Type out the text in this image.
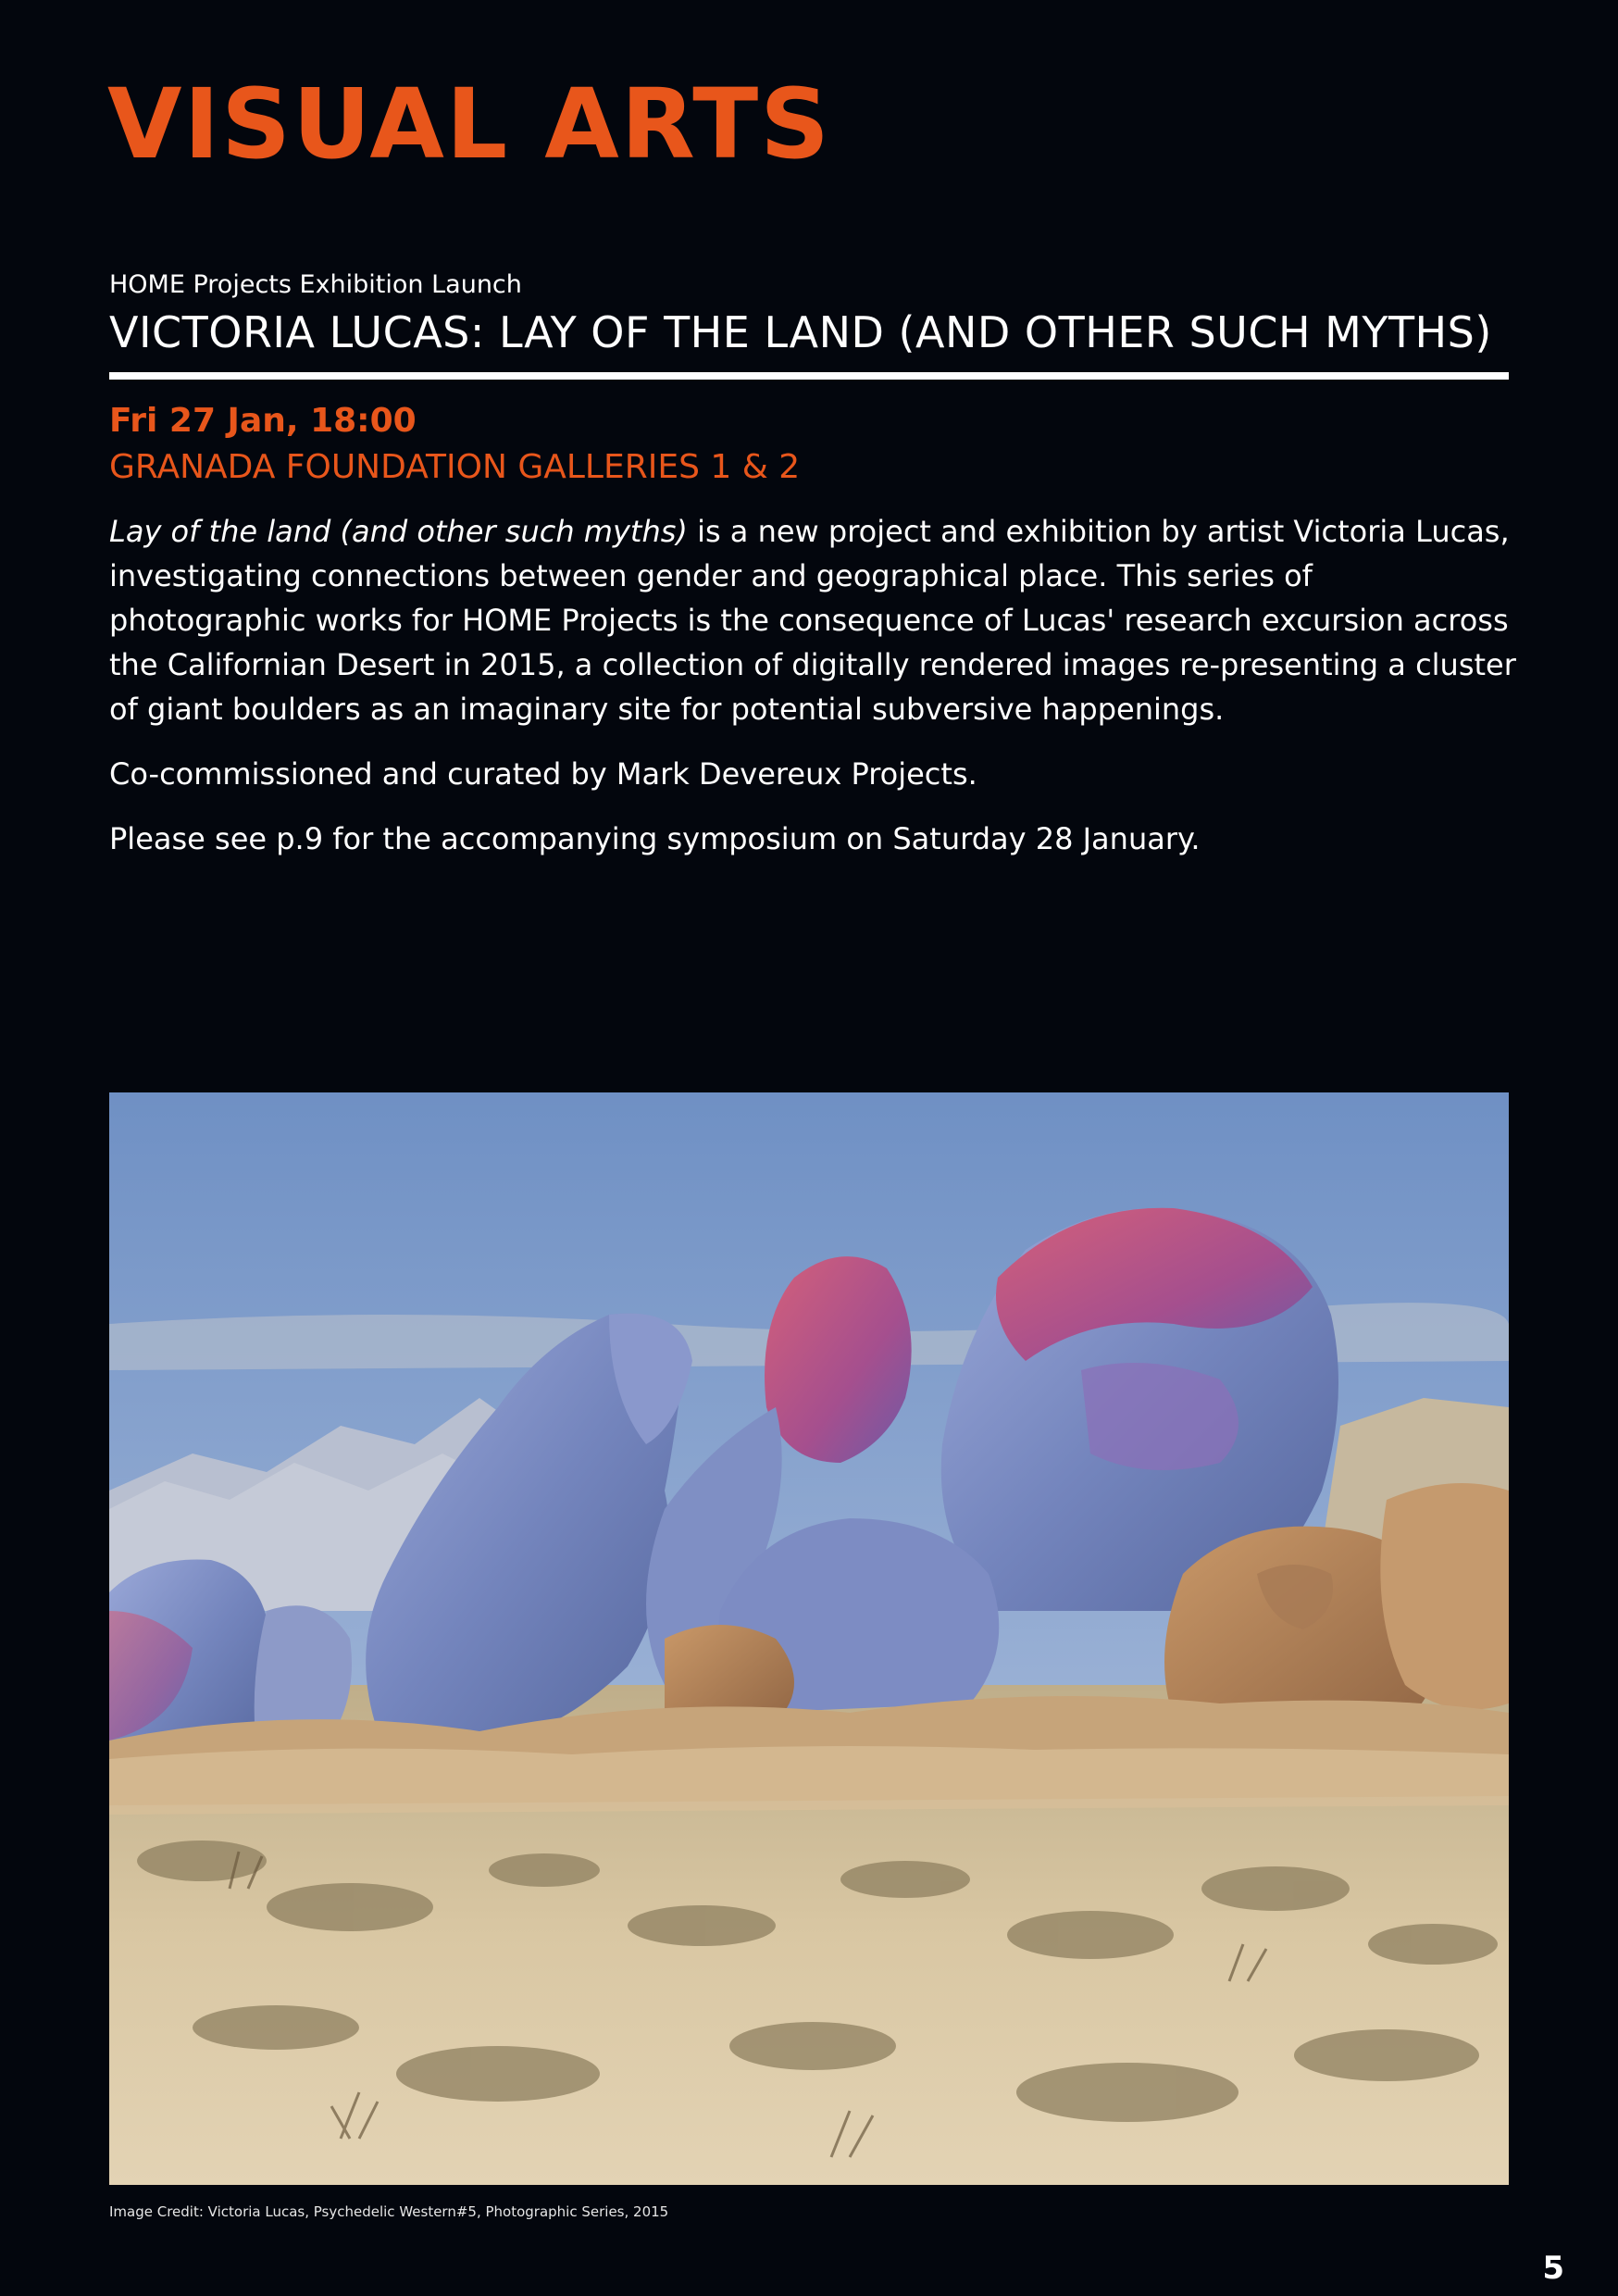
VISUAL ARTS
HOME Projects Exhibition Launch
VICTORIA LUCAS: LAY OF THE LAND (AND OTHER SUCH MYTHS)
Fri 27 Jan, 18:00
GRANADA FOUNDATION GALLERIES 1 & 2

Lay of the land (and other such myths) is a new project and exhibition by artist Victoria Lucas, investigating connections between gender and geographical place. This series of photographic works for HOME Projects is the consequence of Lucas' research excursion across the Californian Desert in 2015, a collection of digitally rendered images re-presenting a cluster of giant boulders as an imaginary site for potential subversive happenings.

Co-commissioned and curated by Mark Devereux Projects.

Please see p.9 for the accompanying symposium on Saturday 28 January.

Image Credit: Victoria Lucas, Psychedelic Western#5, Photographic Series, 2015
5
